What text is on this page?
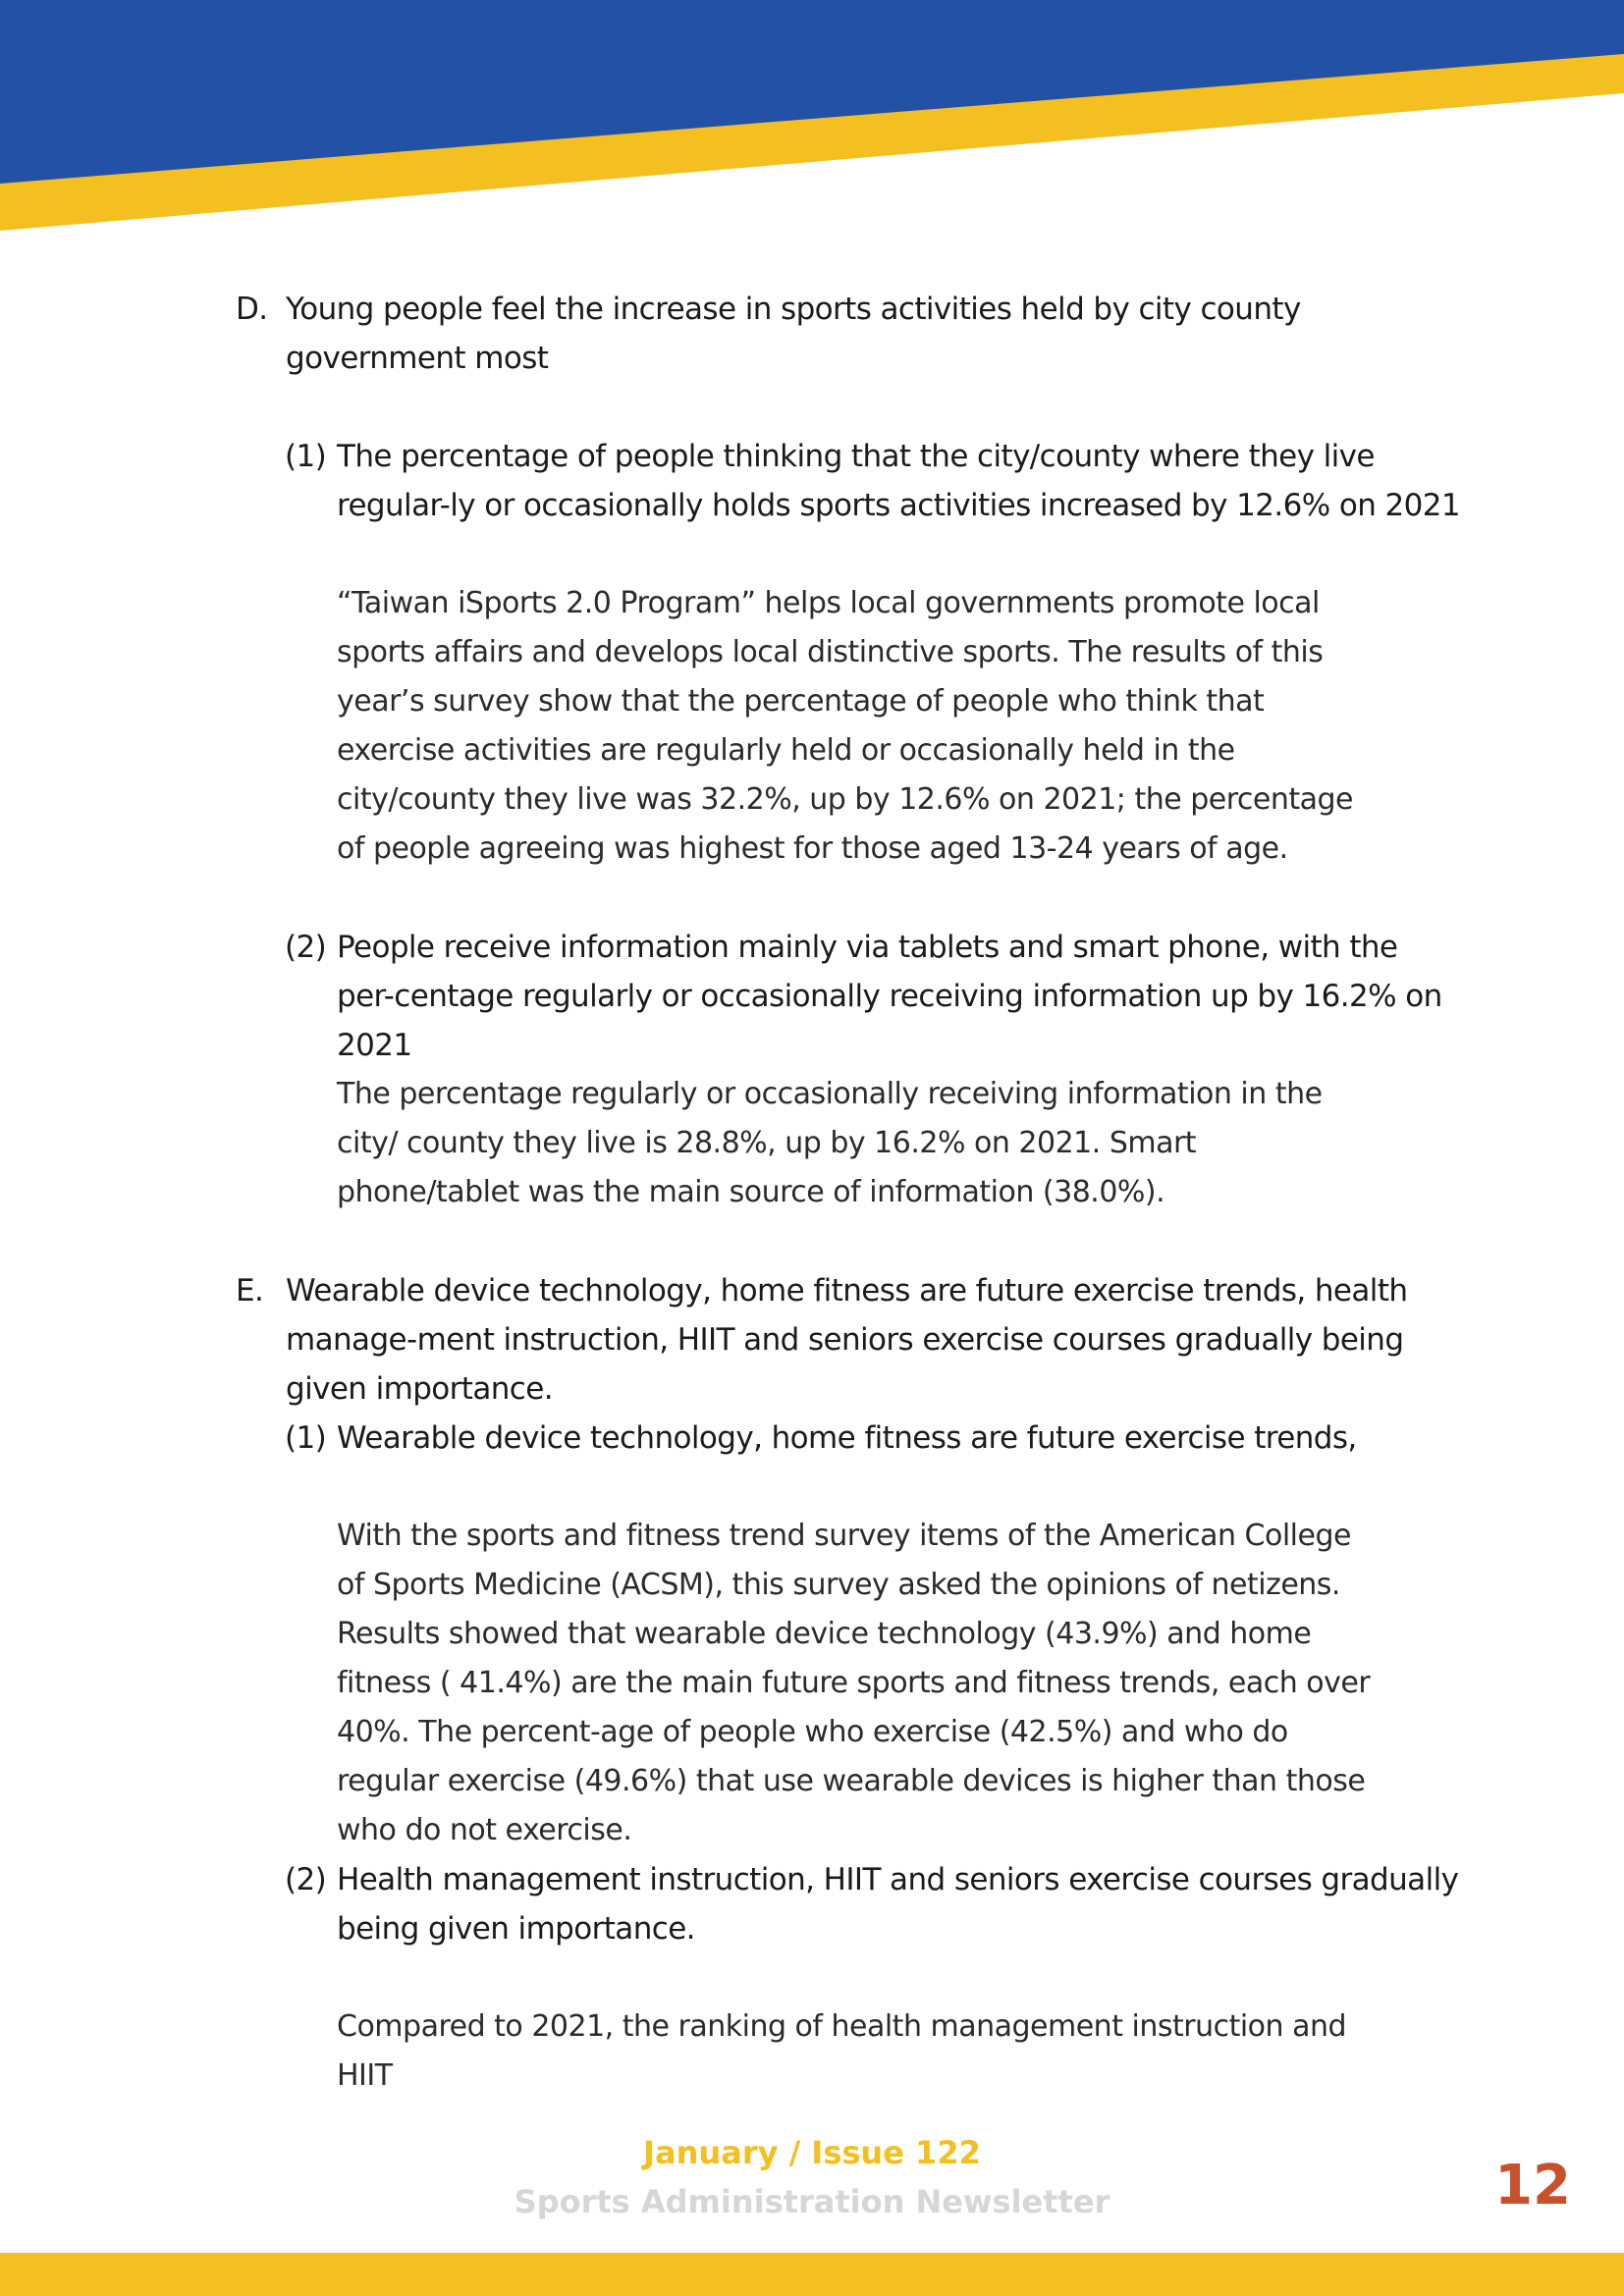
D. Young people feel the increase in sports activities held by city county government most
(1) The percentage of people thinking that the city/county where they live regular-ly or occasionally holds sports activities increased by 12.6% on 2021
“Taiwan iSports 2.0 Program” helps local governments promote local sports affairs and develops local distinctive sports. The results of this year’s survey show that the percentage of people who think that exercise activities are regularly held or occasionally held in the city/county they live was 32.2%, up by 12.6% on 2021; the percentage of people agreeing was highest for those aged 13-24 years of age.
(2) People receive information mainly via tablets and smart phone, with the per-centage regularly or occasionally receiving information up by 16.2% on 2021
The percentage regularly or occasionally receiving information in the city/ county they live is 28.8%, up by 16.2% on 2021. Smart phone/tablet was the main source of information (38.0%).
E. Wearable device technology, home fitness are future exercise trends, health manage-ment instruction, HIIT and seniors exercise courses gradually being given importance.
(1) Wearable device technology, home fitness are future exercise trends,
With the sports and fitness trend survey items of the American College of Sports Medicine (ACSM), this survey asked the opinions of netizens. Results showed that wearable device technology (43.9%) and home fitness ( 41.4%) are the main future sports and fitness trends, each over 40%. The percent-age of people who exercise (42.5%) and who do regular exercise (49.6%) that use wearable devices is higher than those who do not exercise.
(2) Health management instruction, HIIT and seniors exercise courses gradually being given importance.
Compared to 2021, the ranking of health management instruction and HIIT
January / Issue 122
Sports Administration Newsletter	12
